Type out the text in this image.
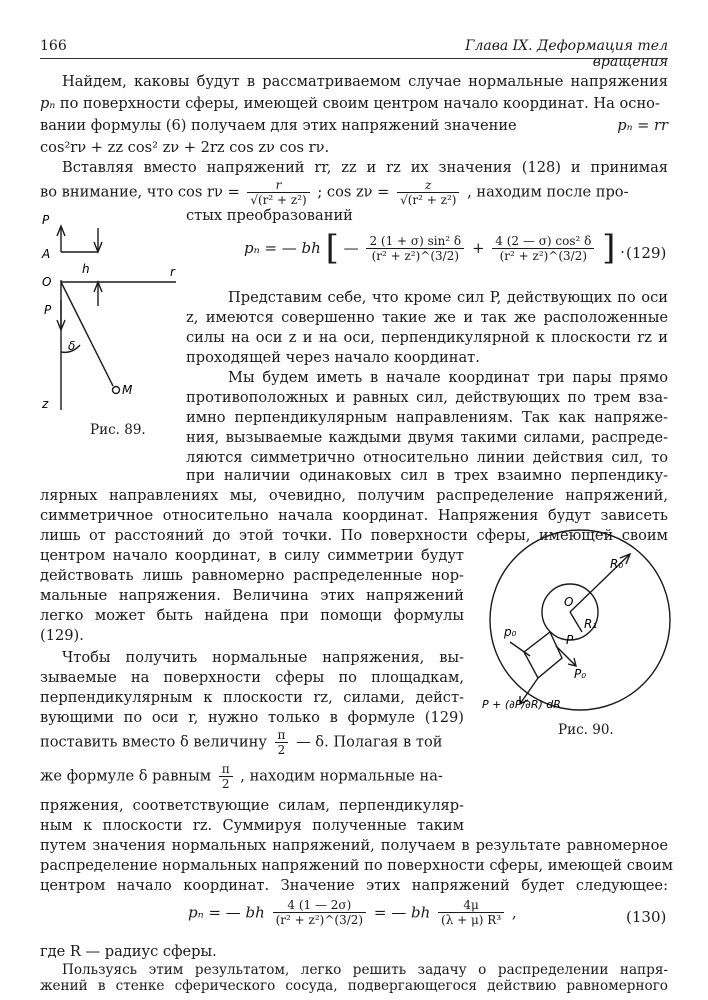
166	Глава IX. Деформация тел вращения
Найдем, каковы будут в рассматриваемом случае нормальные напряжения
pₙ по поверхности сферы, имеющей своим центром начало координат. На осно-
вании формулы (6) получаем для этих напряжений значение	pₙ = rr
cos²rν + zz cos² zν + 2rz cos zν cos rν.
Вставляя вместо напряжений rr, zz и rz их значения (128) и принимая
во внимание, что $\cos r\nu = \frac{r}{\text{√(r² + z²)}}$ ; $\cos z\nu = \frac{z}{\text{√(r² + z²)}}$ , находим после про-
стых преобразований
pₙ = — bh [ — $\frac{\text{2 (1 + σ) sin² δ}}{\text{(r² + z²)\textasciicircum{}(3/2)}} + \frac{\text{4 (2 — σ) cos² δ}}{\text{(r² + z²)\textasciicircum{}(3/2)}}$ ] . (129)
P
A
h
O
r
P
δ
M
z
Рис. 89.
Представим себе, что кроме сил P, действующих по оси
z, имеются совершенно такие же и так же расположенные
силы на оси z и на оси, перпендикулярной к плоскости rz и
проходящей через начало координат.
Мы будем иметь в начале координат три пары прямо
противоположных и равных сил, действующих по трем вза-
имно перпендикулярным направлениям. Так как напряже-
ния, вызываемые каждыми двумя такими силами, распреде-
ляются симметрично относительно линии действия сил, то
при наличии одинаковых сил в трех взаимно перпендику-
лярных направлениях мы, очевидно, получим распределение напряжений,
симметричное относительно начала координат. Напряжения будут зависеть
лишь от расстояний до этой точки. По поверхности сферы, имеющей своим
центром начало координат, в силу симметрии будут
действовать лишь равномерно распределенные нор-
мальные напряжения. Величина этих напряжений
легко может быть найдена при помощи формулы
(129).
R₀
O
R₁
p₀
P
P₀
P + (∂P/∂R) dR
Рис. 90.
Чтобы получить нормальные напряжения, вы-
зываемые на поверхности сферы по площадкам,
перпендикулярным к плоскости rz, силами, дейст-
вующими по оси r, нужно только в формуле (129)
поставить вместо δ величину $\frac{\pi}{2}$ — δ. Полагая в той
же формуле δ равным $\frac{\pi}{2}$ , находим нормальные на-
пряжения, соответствующие силам, перпендикуляр-
ным к плоскости rz. Суммируя полученные таким
путем значения нормальных напряжений, получаем в результате равномерное
распределение нормальных напряжений по поверхности сферы, имеющей своим
центром начало координат. Значение этих напряжений будет следующее:
pₙ = — bh $\frac{4 (1 — 2\sigma)}{\text{(r² + z²)\textasciicircum{}(3/2)}}$ = — bh $\frac{4\mu}{\text{(λ + μ) R³}}$ ,	(130)
где R — радиус сферы.
Пользуясь этим результатом, легко решить задачу о распределении напря-
жений в стенке сферического сосуда, подвергающегося действию равномерного
